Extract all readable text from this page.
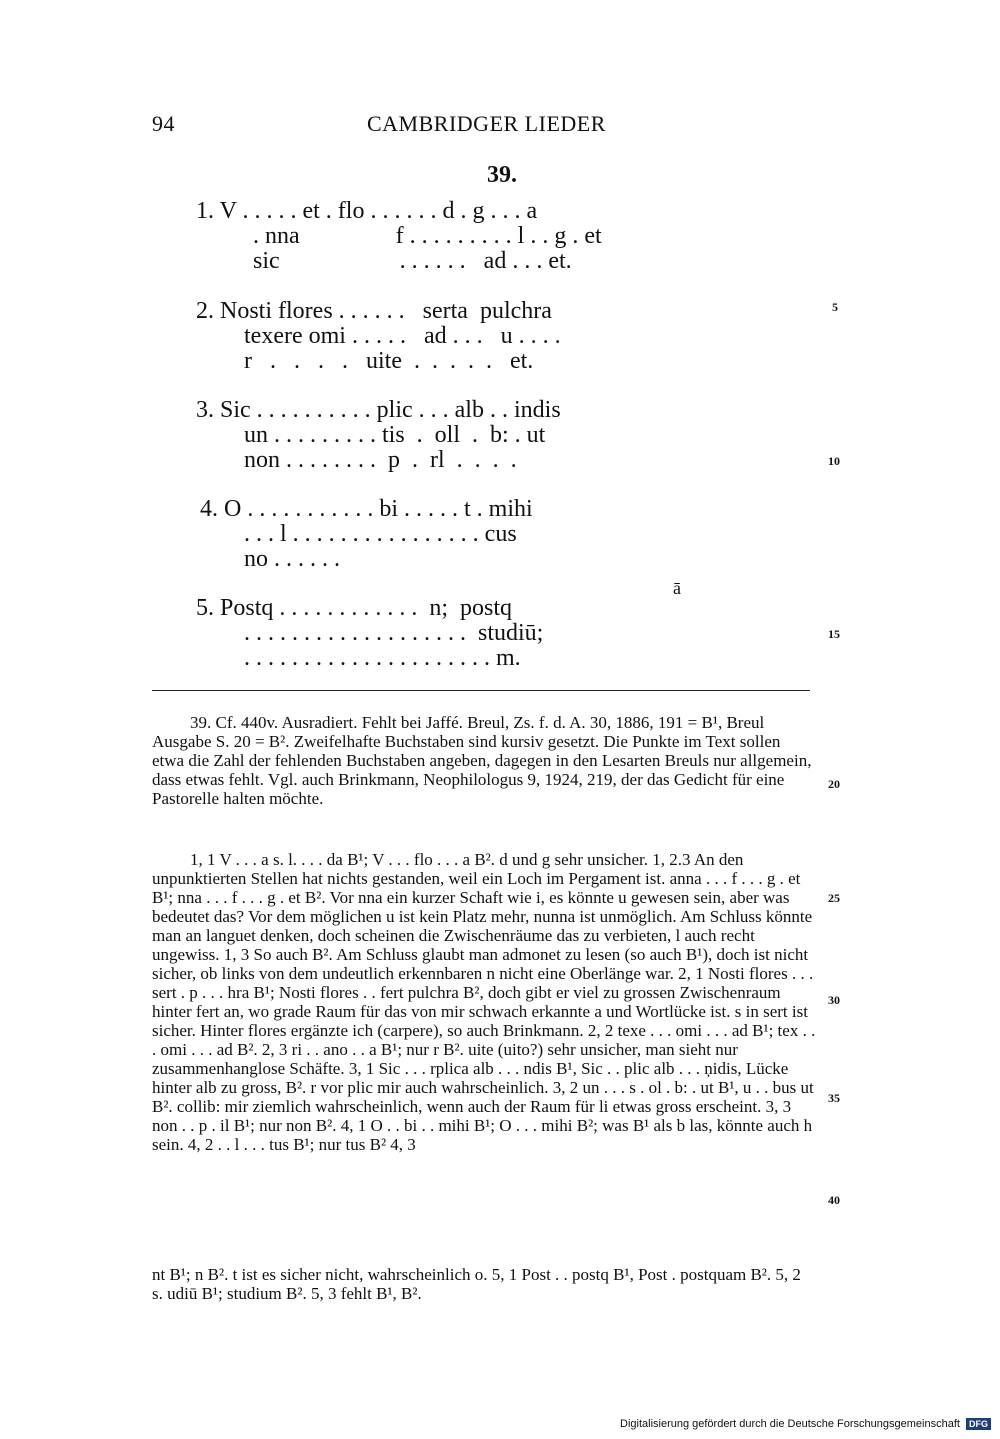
94	CAMBRIDGER LIEDER
39.
1. V . . . . . et . flo . . . . . . d . g . . . a
. nna                f . . . . . . . . . l . . g . et
sic                    . . . . . .   ad . . . et.
2. Nosti flores . . . . . .   serta  pulchra
texere omi . . . . .   ad . . .   u . . . .
r   .   .   .   .   uite  .  .  .  .  .   et.
3. Sic . . . . . . . . . . plic . . . alb . . indis
un . . . . . . . . . tis  .  oll  .  b: . ut
non . . . . . . . .  p  .  rl  .  .  .  .
4. O . . . . . . . . . . . bi . . . . . t . mihi
. . . l . . . . . . . . . . . . . . . . cus
no . . . . . .
ā
5. Postq . . . . . . . . . . . .  n;  postq
. . . . . . . . . . . . . . . . . . .  studiū;
. . . . . . . . . . . . . . . . . . . . . m.
5
10
15

39. Cf. 440v. Ausradiert. Fehlt bei Jaffé. Breul, Zs. f. d. A. 30, 1886, 191 = B¹, Breul Ausgabe S. 20 = B². Zweifelhafte Buchstaben sind kursiv gesetzt. Die Punkte im Text sollen etwa die Zahl der fehlenden Buchstaben angeben, dagegen in den Lesarten Breuls nur allgemein, dass etwas fehlt. Vgl. auch Brinkmann, Neophilologus 9, 1924, 219, der das Gedicht für eine Pastorelle halten möchte.

1, 1 V . . . a s. l. . . . da B¹; V . . . flo . . . a B². d und g sehr unsicher. 1, 2.3 An den unpunktierten Stellen hat nichts gestanden, weil ein Loch im Pergament ist. anna . . . f . . . g . et B¹; nna . . . f . . . g . et B². Vor nna ein kurzer Schaft wie i, es könnte u gewesen sein, aber was bedeutet das? Vor dem möglichen u ist kein Platz mehr, nunna ist unmöglich. Am Schluss könnte man an languet denken, doch scheinen die Zwischenräume das zu verbieten, l auch recht ungewiss. 1, 3 So auch B². Am Schluss glaubt man admonet zu lesen (so auch B¹), doch ist nicht sicher, ob links von dem undeutlich erkennbaren n nicht eine Oberlänge war. 2, 1 Nosti flores . . . sert . p . . . hra B¹; Nosti flores . . fert pulchra B², doch gibt er viel zu grossen Zwischenraum hinter fert an, wo grade Raum für das von mir schwach erkannte a und Wortlücke ist. s in sert ist sicher. Hinter flores ergänzte ich (carpere), so auch Brinkmann. 2, 2 texe . . . omi . . . ad B¹; tex . . . omi . . . ad B². 2, 3 ri . . ano . . a B¹; nur r B². uite (uito?) sehr unsicher, man sieht nur zusammenhanglose Schäfte. 3, 1 Sic . . . rplica alb . . . ndis B¹, Sic . . plic alb . . . ņidis, Lücke hinter alb zu gross, B². r vor plic mir auch wahrscheinlich. 3, 2 un . . . s . ol . b: . ut B¹, u . . bus ut B². collib: mir ziemlich wahrscheinlich, wenn auch der Raum für li etwas gross erscheint. 3, 3 non . . p . il B¹; nur non B². 4, 1 O . . bi . . mihi B¹; O . . . mihi B²; was B¹ als b las, könnte auch h sein. 4, 2 . . l . . . tus B¹; nur tus B² 4, 3

nt B¹; n B². t ist es sicher nicht, wahrscheinlich o. 5, 1 Post . . postq B¹, Post . postquam B². 5, 2 s. udiū B¹; studium B². 5, 3 fehlt B¹, B².

20
25
30
35
40
Digitalisierung gefördert durch die Deutsche Forschungsgemeinschaft DFG
